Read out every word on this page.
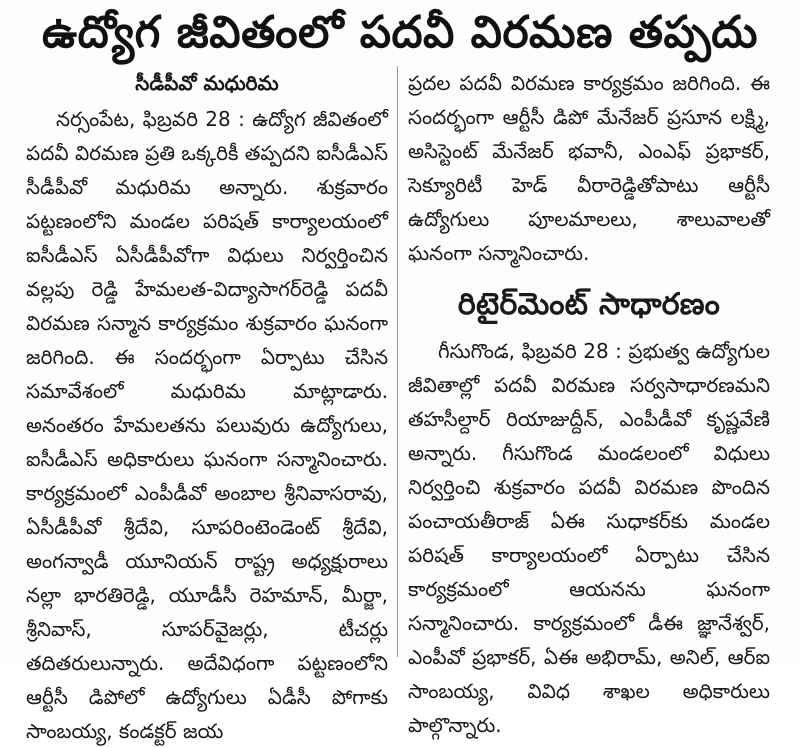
ఉద్యోగ జీవితంలో పదవీ విరమణ తప్పదు
సీడీపీవో మధురిమ

నర్సంపేట, ఫిబ్రవరి 28 : ఉద్యోగ జీవితంలో పదవీ విరమణ ప్రతి ఒక్కరికీ తప్పదని ఐసీడీఎస్ సీడీపీవో మధురిమ అన్నారు. శుక్రవారం పట్టణంలోని మండల పరిషత్ కార్యాలయంలో ఐసీడీఎస్ ఏసీడీపీవోగా విధులు నిర్వర్తించిన వల్లపు రెడ్డి హేమలత-విద్యాసాగర్‌రెడ్డి పదవీ విరమణ సన్మాన కార్యక్రమం శుక్రవారం ఘనంగా జరిగింది. ఈ సందర్భంగా ఏర్పాటు చేసిన సమావేశంలో మధురిమ మాట్లాడారు. అనంతరం హేమలతను పలువురు ఉద్యోగులు, ఐసీడీఎస్ అధికారులు ఘనంగా సన్మానించారు. కార్యక్రమంలో ఎంపీడీవో అంబాల శ్రీనివాసరావు, ఏసీడీపీవో శ్రీదేవి, సూపరింటెండెంట్ శ్రీదేవి, అంగన్వాడీ యూనియన్ రాష్ట్ర అధ్యక్షురాలు నల్లా భారతిరెడ్డి, యూడీసీ రెహమాన్, మీర్జా, శ్రీనివాస్, సూపర్‌వైజర్లు, టీచర్లు తదితరులున్నారు. అదేవిధంగా పట్టణంలోని ఆర్టీసీ డిపోలో ఉద్యోగులు ఏడీసీ పోగాకు సాంబయ్య, కండక్టర్ జయ

ప్రదల పదవీ విరమణ కార్యక్రమం జరిగింది. ఈ సందర్భంగా ఆర్టీసీ డిపో మేనేజర్ ప్రసూన లక్ష్మి, అసిస్టెంట్ మేనేజర్ భవానీ, ఎంఎఫ్ ప్రభాకర్, సెక్యూరిటీ హెడ్ వీరారెడ్డితోపాటు ఆర్టీసీ ఉద్యోగులు పూలమాలలు, శాలువాలతో ఘనంగా సన్మానించారు.

రిటైర్‌మెంట్ సాధారణం

గీసుగొండ, ఫిబ్రవరి 28 : ప్రభుత్వ ఉద్యోగుల జీవితాల్లో పదవీ విరమణ సర్వసాధారణమని తహసీల్దార్ రియాజుద్దీన్, ఎంపీడీవో కృష్ణవేణి అన్నారు. గీసుగొండ మండలంలో విధులు నిర్వర్తించి శుక్రవారం పదవీ విరమణ పొందిన పంచాయతీరాజ్ ఏఈ సుధాకర్‌కు మండల పరిషత్ కార్యాలయంలో ఏర్పాటు చేసిన కార్యక్రమంలో ఆయనను ఘనంగా సన్మానించారు. కార్యక్రమంలో డీఈ జ్ఞానేశ్వర్, ఎంపీవో ప్రభాకర్, ఏఈ అభిరామ్, అనిల్, ఆర్ఐ సాంబయ్య, వివిధ శాఖల అధికారులు పాల్గొన్నారు.
